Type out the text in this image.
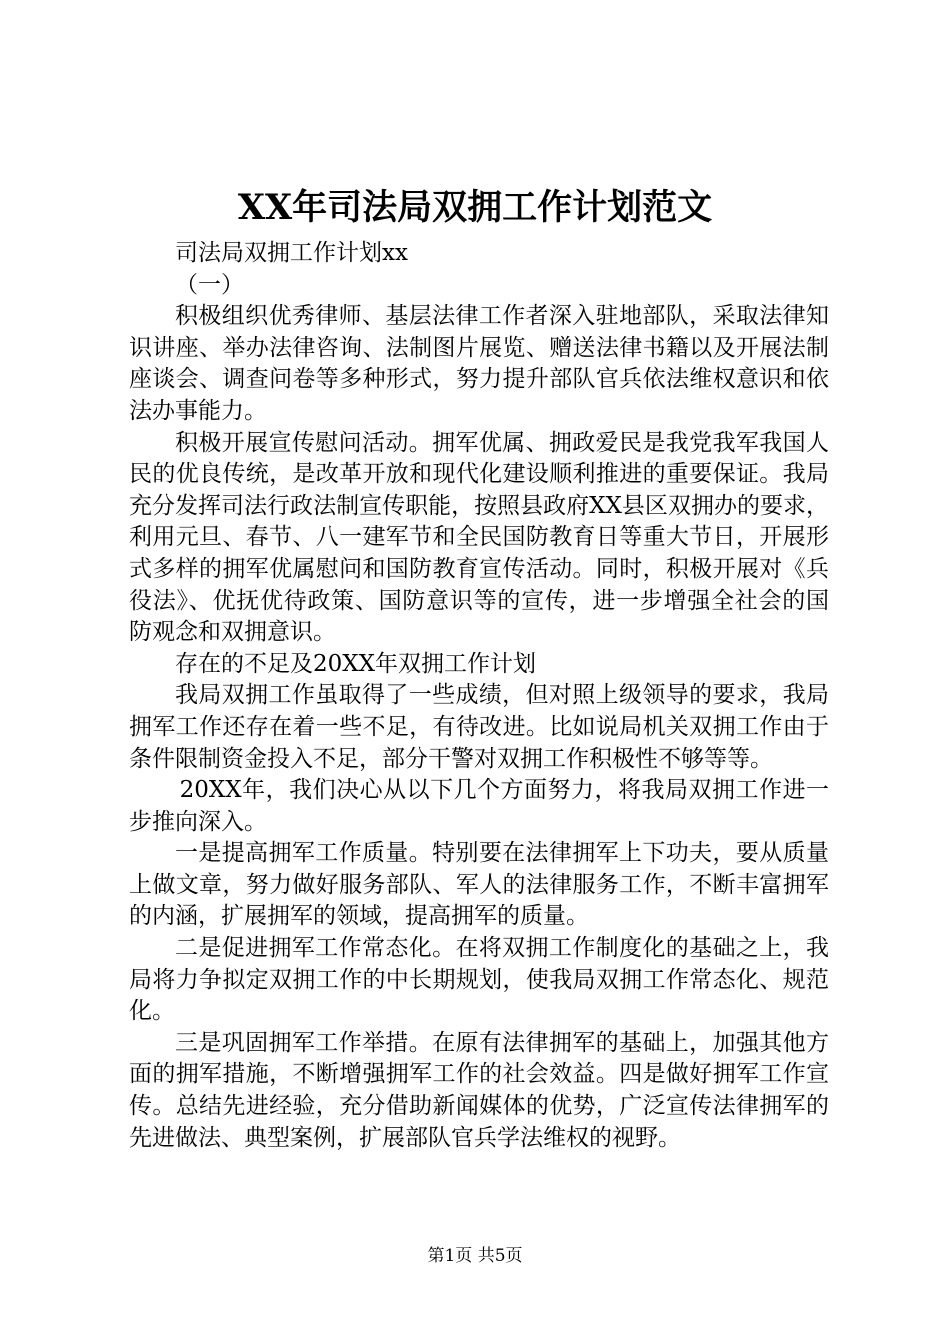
XX年司法局双拥工作计划范文

司法局双拥工作计划xx

（一）

积极组织优秀律师、基层法律工作者深入驻地部队，采取法律知识讲座、举办法律咨询、法制图片展览、赠送法律书籍以及开展法制座谈会、调查问卷等多种形式，努力提升部队官兵依法维权意识和依法办事能力。

积极开展宣传慰问活动。拥军优属、拥政爱民是我党我军我国人民的优良传统，是改革开放和现代化建设顺利推进的重要保证。我局充分发挥司法行政法制宣传职能，按照县政府XX县区双拥办的要求，利用元旦、春节、八一建军节和全民国防教育日等重大节日，开展形式多样的拥军优属慰问和国防教育宣传活动。同时，积极开展对《兵役法》、优抚优待政策、国防意识等的宣传，进一步增强全社会的国防观念和双拥意识。

存在的不足及20XX年双拥工作计划

我局双拥工作虽取得了一些成绩，但对照上级领导的要求，我局拥军工作还存在着一些不足，有待改进。比如说局机关双拥工作由于条件限制资金投入不足，部分干警对双拥工作积极性不够等等。

20XX年，我们决心从以下几个方面努力，将我局双拥工作进一步推向深入。

一是提高拥军工作质量。特别要在法律拥军上下功夫，要从质量上做文章，努力做好服务部队、军人的法律服务工作，不断丰富拥军的内涵，扩展拥军的领域，提高拥军的质量。

二是促进拥军工作常态化。在将双拥工作制度化的基础之上，我局将力争拟定双拥工作的中长期规划，使我局双拥工作常态化、规范化。

三是巩固拥军工作举措。在原有法律拥军的基础上，加强其他方面的拥军措施，不断增强拥军工作的社会效益。四是做好拥军工作宣传。总结先进经验，充分借助新闻媒体的优势，广泛宣传法律拥军的先进做法、典型案例，扩展部队官兵学法维权的视野。

第1页 共5页
